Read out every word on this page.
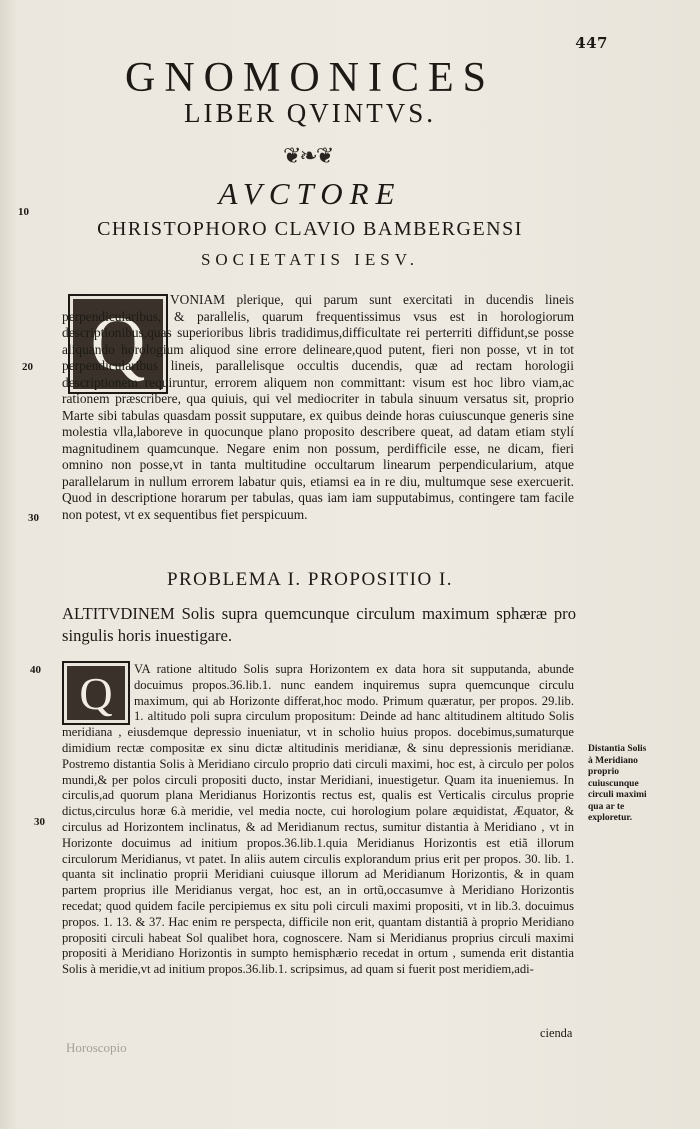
447
GNOMONICES
LIBER QVINTVS.
❦❧❦
AVCTORE
CHRISTOPHORO CLAVIO BAMBERGENSI
SOCIETATIS IESV.
10
20
30
40
30
Q
VONIAM plerique, qui parum sunt exercitati in ducendis lineis perpendicularibus, & parallelis, quarum frequentissimus vsus est in horologiorum descriptionibus,quas superioribus libris tradidimus,difficultate rei perterriti diffidunt,se posse aliquando horologium aliquod sine errore delineare,quod putent, fieri non posse, vt in tot perpendicularibus lineis, parallelisque occultis ducendis, quæ ad rectam horologii descriptionem requiruntur, errorem aliquem non committant: visum est hoc libro viam,ac rationem præscribere, qua quiuis, qui vel mediocriter in tabula sinuum versatus sit, proprio Marte sibi tabulas quasdam possit supputare, ex quibus deinde horas cuiuscunque generis sine molestia vlla,laboreve in quocunque plano proposito describere queat, ad datam etiam stylí magnitudinem quamcunque. Negare enim non possum, perdifficile esse, ne dicam, fieri omnino non posse,vt in tanta multitudine occultarum linearum perpendicularium, atque parallelarum in nullum errorem labatur quis, etiamsi ea in re diu, multumque sese exercuerit. Quod in descriptione horarum per tabulas, quas iam iam supputabimus, contingere tam facile non potest, vt ex sequentibus fiet perspicuum.
PROBLEMA I. PROPOSITIO I.
ALTITVDINEM Solis supra quemcunque circulum maximum sphæræ pro singulis horis inuestigare.
Q	VA ratione altitudo Solis supra Horizontem ex data hora sit supputanda, abunde docuimus propos.36.lib.1. nunc eandem inquiremus supra quemcunque circulu maximum, qui ab Horizonte differat,hoc modo. Primum quæratur, per propos. 29.lib. 1. altitudo poli supra circulum propositum: Deinde ad hanc altitudinem altitudo Solis meridiana , eiusdemque depressio inueniatur, vt in scholio huius propos. docebimus,sumaturque dimidium rectæ compositæ ex sinu dictæ altitudinis meridianæ, & sinu depressionis meridianæ. Postremo distantia Solis à Meridiano circulo proprio dati circuli maximi, hoc est, à circulo per polos mundi,& per polos circuli propositi ducto, instar Meridiani, inuestigetur. Quam ita inueniemus. In circulis,ad quorum plana Meridianus Horizontis rectus est, qualis est Verticalis circulus proprie dictus,circulus horæ 6.à meridie, vel media nocte, cui horologium polare æquidistat, Æquator, & circulus ad Horizontem inclinatus, & ad Meridianum rectus, sumitur distantia à Meridiano , vt in Horizonte docuimus ad initium propos.36.lib.1.quia Meridianus Horizontis est etiã illorum circulorum Meridianus, vt patet. In aliis autem circulis explorandum prius erit per propos. 30. lib. 1. quanta sit inclinatio proprii Meridiani cuiusque illorum ad Meridianum Horizontis, & in quam partem proprius ille Meridianus vergat, hoc est, an in ortũ,occasumve à Meridiano Horizontis recedat; quod quidem facile percipiemus ex situ poli circuli maximi propositi, vt in lib.3. docuimus propos. 1. 13. & 37. Hac enim re perspecta, difficile non erit, quantam distantiã à proprio Meridiano propositi circuli habeat Sol qualibet hora, cognoscere. Nam si Meridianus proprius circuli maximi propositi à Meridiano Horizontis in sumpto hemisphærio recedat in ortum , sumenda erit distantia Solis à meridie,vt ad initium propos.36.lib.1. scripsimus, ad quam si fuerit post meridiem,adi-
Distantia Solis à Meridiano proprio cuiuscunque circuli maximi qua ar te exploretur.
cienda
Horoscopio
